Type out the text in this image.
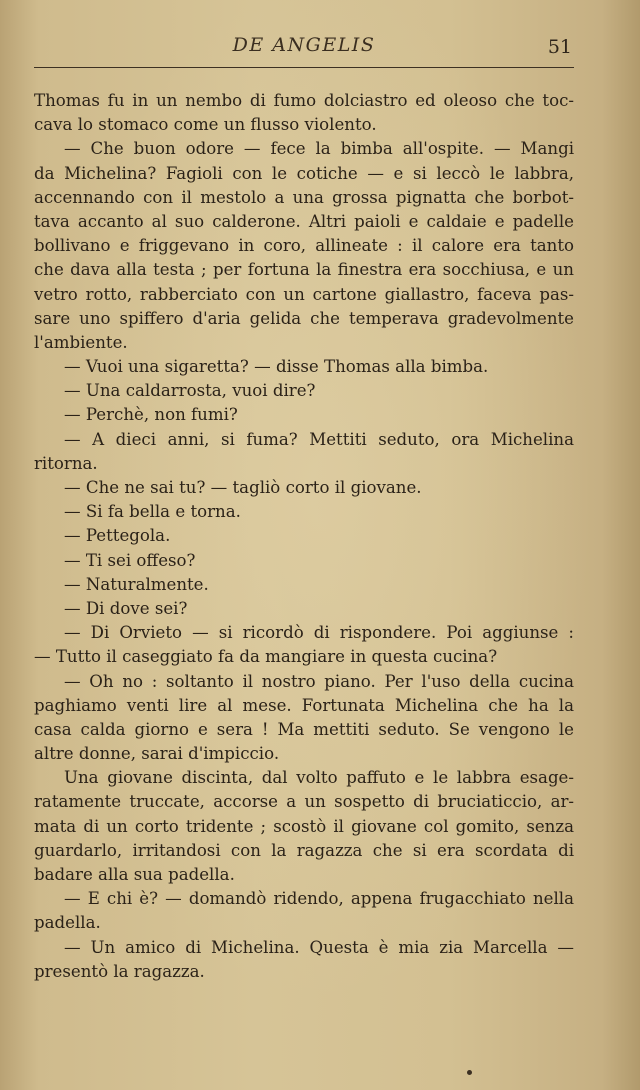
DE ANGELIS	51
Thomas fu in un nembo di fumo dolciastro ed oleoso che toc-
cava lo stomaco come un flusso violento.
— Che buon odore — fece la bimba all'ospite. — Mangi
da Michelina? Fagioli con le cotiche — e si leccò le labbra,
accennando con il mestolo a una grossa pignatta che borbot-
tava accanto al suo calderone. Altri paioli e caldaie e padelle
bollivano e friggevano in coro, allineate : il calore era tanto
che dava alla testa ; per fortuna la finestra era socchiusa, e un
vetro rotto, rabberciato con un cartone giallastro, faceva pas-
sare uno spiffero d'aria gelida che temperava gradevolmente
l'ambiente.
— Vuoi una sigaretta? — disse Thomas alla bimba.
— Una caldarrosta, vuoi dire?
— Perchè, non fumi?
— A dieci anni, si fuma? Mettiti seduto, ora Michelina
ritorna.
— Che ne sai tu? — tagliò corto il giovane.
— Si fa bella e torna.
— Pettegola.
— Ti sei offeso?
— Naturalmente.
— Di dove sei?
— Di Orvieto — si ricordò di rispondere. Poi aggiunse :
— Tutto il caseggiato fa da mangiare in questa cucina?
— Oh no : soltanto il nostro piano. Per l'uso della cucina
paghiamo venti lire al mese. Fortunata Michelina che ha la
casa calda giorno e sera ! Ma mettiti seduto. Se vengono le
altre donne, sarai d'impiccio.
Una giovane discinta, dal volto paffuto e le labbra esage-
ratamente truccate, accorse a un sospetto di bruciaticcio, ar-
mata di un corto tridente ; scostò il giovane col gomito, senza
guardarlo, irritandosi con la ragazza che si era scordata di
badare alla sua padella.
— E chi è? — domandò ridendo, appena frugacchiato nella
padella.
— Un amico di Michelina. Questa è mia zia Marcella —
presentò la ragazza.
